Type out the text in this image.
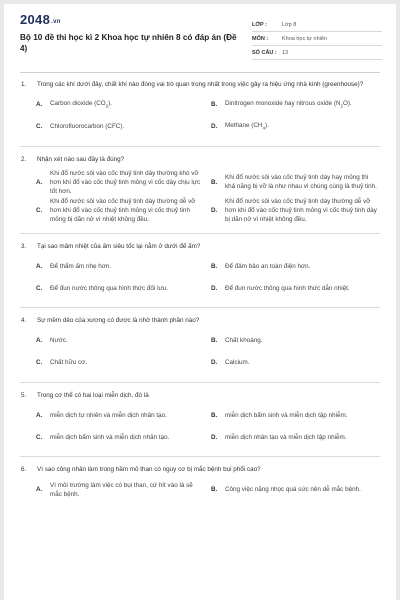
2048.vn
Bộ 10 đề thi học kì 2 Khoa học tự nhiên 8 có đáp án (Đề 4)
LỚP :	Lớp 8
MÔN :	Khoa học tự nhiên
SỐ CÂU : 13
1.	Trong các khí dưới đây, chất khí nào đóng vai trò quan trọng nhất trong việc gây ra hiệu ứng nhà kính (greenhouse)?
A.	Carbon dioxide $(CO_2)$.	B.	Dinitrogen monoxide hay nitrous oxide $(N_2O)$.
C.	Chlorofluorocarbon (CFC).	D.	Methane $(CH_4)$.
2.	Nhận xét nào sau đây là đúng?
A.
Khi đổ nước sôi vào cốc thuỷ tinh dày thường khó vỡ hơn khi đổ vào cốc thuỷ tinh mỏng vì cốc dày chịu lực tốt hơn.
B.
Khi đổ nước sôi vào cốc thuỷ tinh dày hay mỏng thì khả năng bị vỡ là như nhau vì chúng cùng là thuỷ tinh.
C.
Khi đổ nước sôi vào cốc thuỷ tinh dày thường dễ vỡ hơn khi đổ vào cốc thuỷ tinh mỏng vì cốc thuỷ tinh mỏng bị dãn nở vì nhiệt không đều.
D.
Khi đổ nước sôi vào cốc thuỷ tinh dày thường dễ vỡ hơn khi đổ vào cốc thuỷ tinh mỏng vì cốc thuỷ tinh dày bị dãn nở vì nhiệt không đều.
3.	Tại sao mâm nhiệt của ấm siêu tốc lại nằm ở dưới đế ấm?
A.	Để thẩm ấm nhẹ hơn.	B.	Để đảm bảo an toàn điện hơn.
C.	Để đun nước thông qua hình thức đối lưu.	D.	Để đun nước thông qua hình thức dẫn nhiệt.
4.	Sự mềm dẻo của xương có được là nhờ thành phần nào?
A.	Nước.	B.	Chất khoáng.
C.	Chất hữu cơ.	D.	Calcium.
5.	Trong cơ thể có hai loại miễn dịch, đó là
A.	miễn dịch tự nhiên và miễn dịch nhân tạo.	B.	miễn dịch bẩm sinh và miễn dịch tập nhiễm.
C.	miễn dịch bẩm sinh và miễn dịch nhân tạo.	D.	miễn dịch nhân tạo và miễn dịch tập nhiễm.
6.	Vì sao công nhân làm trong hầm mỏ than có nguy cơ bị mắc bệnh bụi phổi cao?
A.
Vì môi trường làm việc có bụi than, cứ hít vào là sẽ mắc bệnh.
B.	Công việc nặng nhọc quá sức nên dễ mắc bệnh.
